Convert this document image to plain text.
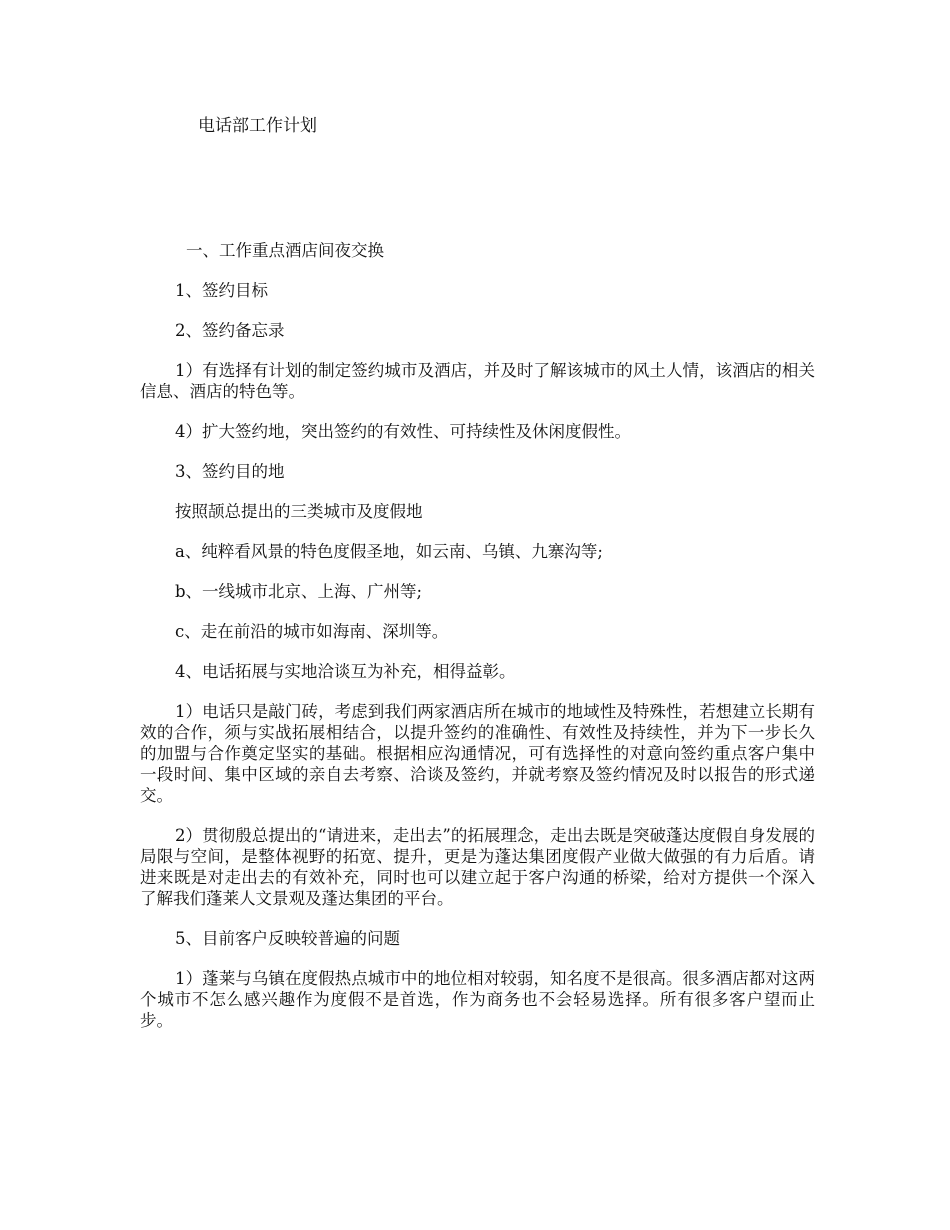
电话部工作计划

一、工作重点酒店间夜交换

1、签约目标

2、签约备忘录

1）有选择有计划的制定签约城市及酒店，并及时了解该城市的风土人情，该酒店的相关信息、酒店的特色等。

4）扩大签约地，突出签约的有效性、可持续性及休闲度假性。

3、签约目的地

按照颉总提出的三类城市及度假地

a、纯粹看风景的特色度假圣地，如云南、乌镇、九寨沟等;

b、一线城市北京、上海、广州等;

c、走在前沿的城市如海南、深圳等。

4、电话拓展与实地洽谈互为补充，相得益彰。

1）电话只是敲门砖，考虑到我们两家酒店所在城市的地域性及特殊性，若想建立长期有效的合作，须与实战拓展相结合，以提升签约的准确性、有效性及持续性，并为下一步长久的加盟与合作奠定坚实的基础。根据相应沟通情况，可有选择性的对意向签约重点客户集中一段时间、集中区域的亲自去考察、洽谈及签约，并就考察及签约情况及时以报告的形式递交。

2）贯彻殷总提出的“请进来，走出去”的拓展理念，走出去既是突破蓬达度假自身发展的局限与空间，是整体视野的拓宽、提升，更是为蓬达集团度假产业做大做强的有力后盾。请进来既是对走出去的有效补充，同时也可以建立起于客户沟通的桥梁，给对方提供一个深入了解我们蓬莱人文景观及蓬达集团的平台。

5、目前客户反映较普遍的问题

1）蓬莱与乌镇在度假热点城市中的地位相对较弱，知名度不是很高。很多酒店都对这两个城市不怎么感兴趣作为度假不是首选，作为商务也不会轻易选择。所有很多客户望而止步。
